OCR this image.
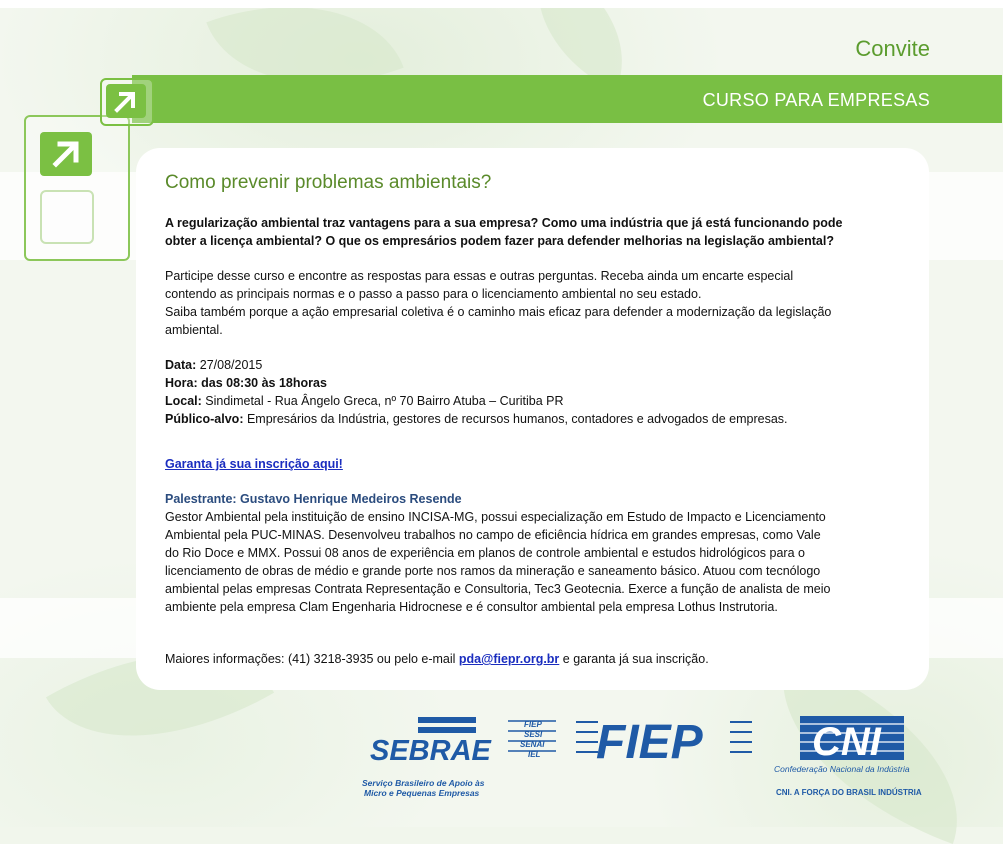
Convite
CURSO PARA EMPRESAS
Como prevenir problemas ambientais?

A regularização ambiental traz vantagens para a sua empresa? Como uma indústria que já está funcionando pode

obter a licença ambiental? O que os empresários podem fazer para defender melhorias na legislação ambiental?

Participe desse curso e encontre as respostas para essas e outras perguntas. Receba ainda um encarte especial

contendo as principais normas e o passo a passo para o licenciamento ambiental no seu estado.

Saiba também porque a ação empresarial coletiva é o caminho mais eficaz para defender a modernização da legislação

ambiental.

Data: 27/08/2015

Hora: das 08:30 às 18horas

Local: Sindimetal - Rua Ângelo Greca, nº 70 Bairro Atuba – Curitiba PR

Público-alvo: Empresários da Indústria, gestores de recursos humanos, contadores e advogados de empresas.

Garanta já sua inscrição aqui!

Palestrante: Gustavo Henrique Medeiros Resende

Gestor Ambiental pela instituição de ensino INCISA-MG, possui especialização em Estudo de Impacto e Licenciamento

Ambiental pela PUC-MINAS. Desenvolveu trabalhos no campo de eficiência hídrica em grandes empresas, como Vale

do Rio Doce e MMX. Possui 08 anos de experiência em planos de controle ambiental e estudos hidrológicos para o

licenciamento de obras de médio e grande porte nos ramos da mineração e saneamento básico. Atuou com tecnólogo

ambiental pelas empresas Contrata Representação e Consultoria, Tec3 Geotecnia. Exerce a função de analista de meio

ambiente pela empresa Clam Engenharia Hidrocnese e é consultor ambiental pela empresa Lothus Instrutoria.

Maiores informações: (41) 3218-3935 ou pelo e-mail pda@fiepr.org.br e garanta já sua inscrição.

SEBRAE
Serviço Brasileiro de Apoio às
Micro e Pequenas Empresas
FIEP
SESI
SENAI
IEL FIEP	CNI
Confederação Nacional da Indústria
CNI. A FORÇA DO BRASIL INDÚSTRIA
